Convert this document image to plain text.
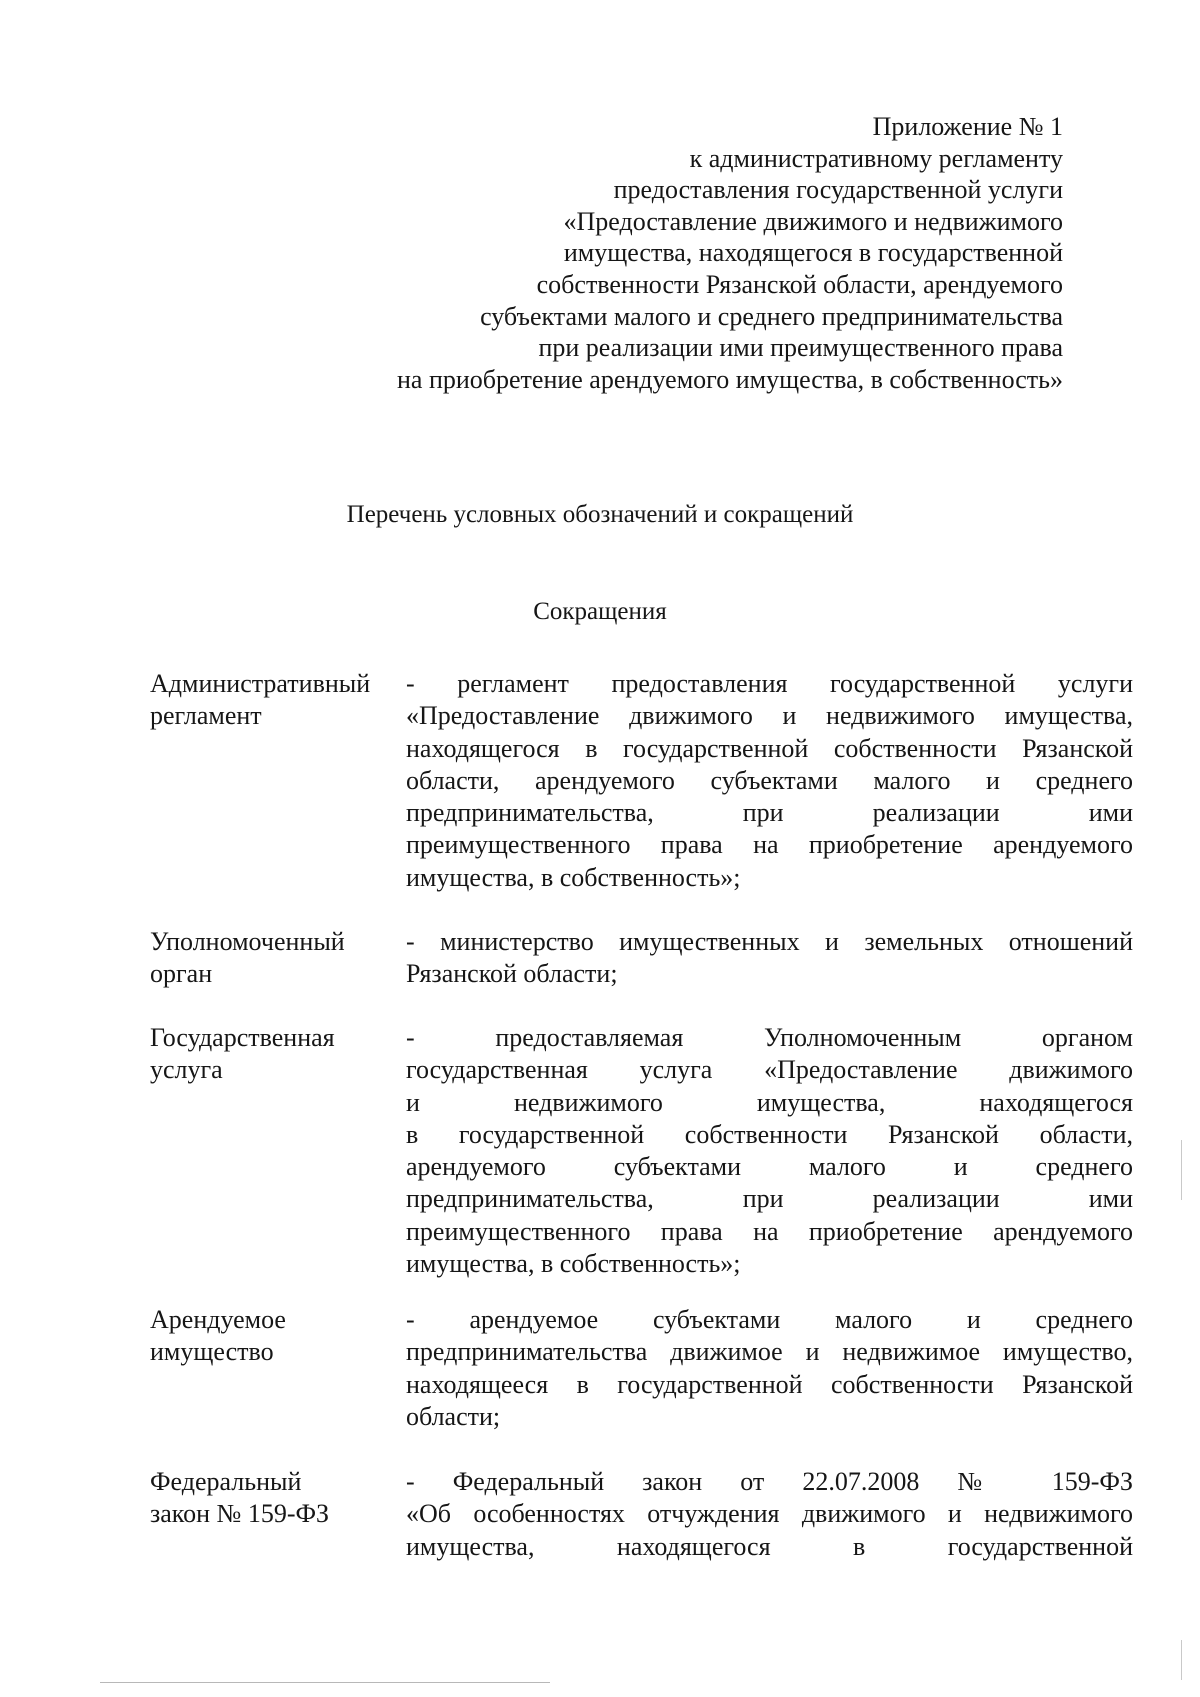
Приложение № 1
к административному регламенту
предоставления государственной услуги
«Предоставление движимого и недвижимого
имущества, находящегося в государственной
собственности Рязанской области, арендуемого
субъектами малого и среднего предпринимательства
при реализации ими преимущественного права
на приобретение арендуемого имущества, в собственность»
Перечень условных обозначений и сокращений
Сокращения
Административный
регламент
- регламент предоставления государственной услуги
«Предоставление движимого и недвижимого имущества,
находящегося в государственной собственности Рязанской
области, арендуемого субъектами малого и среднего
предпринимательства, при реализации ими
преимущественного права на приобретение арендуемого
имущества, в собственность»;
Уполномоченный
орган
- министерство имущественных и земельных отношений
Рязанской области;
Государственная
услуга
- предоставляемая Уполномоченным органом
государственная услуга «Предоставление движимого
и недвижимого имущества, находящегося
в государственной собственности Рязанской области,
арендуемого субъектами малого и среднего
предпринимательства, при реализации ими
преимущественного права на приобретение арендуемого
имущества, в собственность»;
Арендуемое
имущество
- арендуемое субъектами малого и среднего
предпринимательства движимое и недвижимое имущество,
находящееся в государственной собственности Рязанской
области;
Федеральный
закон № 159-ФЗ
- Федеральный закон от 22.07.2008 № 159-ФЗ
«Об особенностях отчуждения движимого и недвижимого
имущества, находящегося в государственной
